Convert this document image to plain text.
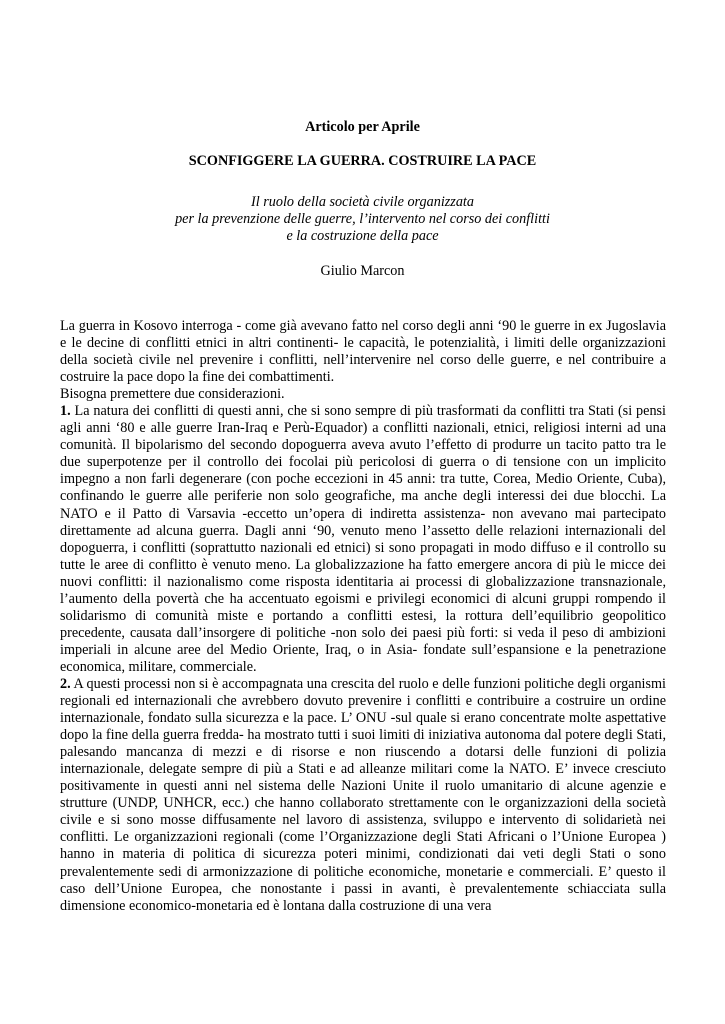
Articolo per Aprile
SCONFIGGERE LA GUERRA. COSTRUIRE LA PACE
Il ruolo della società civile organizzata
per la prevenzione delle guerre, l’intervento nel corso dei conflitti
e la costruzione della pace
Giulio Marcon

La guerra in Kosovo interroga - come già avevano fatto nel corso degli anni ‘90 le guerre in ex Jugoslavia e le decine di conflitti etnici in altri continenti- le capacità, le potenzialità, i limiti delle organizzazioni della società civile nel prevenire i conflitti, nell’intervenire nel corso delle guerre, e nel contribuire a costruire la pace dopo la fine dei combattimenti.

Bisogna premettere due considerazioni.

1. La natura dei conflitti di questi anni, che si sono sempre di più trasformati da conflitti tra Stati (si pensi agli anni ‘80 e alle guerre Iran-Iraq e Perù-Equador) a conflitti nazionali, etnici, religiosi interni ad una comunità. Il bipolarismo del secondo dopoguerra aveva avuto l’effetto di produrre un tacito patto tra le due superpotenze per il controllo dei focolai più pericolosi di guerra o di tensione con un implicito impegno a non farli degenerare (con poche eccezioni in 45 anni: tra tutte, Corea, Medio Oriente, Cuba), confinando le guerre alle periferie non solo geografiche, ma anche degli interessi dei due blocchi. La NATO e il Patto di Varsavia -eccetto un’opera di indiretta assistenza- non avevano mai partecipato direttamente ad alcuna guerra. Dagli anni ‘90, venuto meno l’assetto delle relazioni internazionali del dopoguerra, i conflitti (soprattutto nazionali ed etnici) si sono propagati in modo diffuso e il controllo su tutte le aree di conflitto è venuto meno. La globalizzazione ha fatto emergere ancora di più le micce dei nuovi conflitti: il nazionalismo come risposta identitaria ai processi di globalizzazione transnazionale, l’aumento della povertà che ha accentuato egoismi e privilegi economici di alcuni gruppi rompendo il solidarismo di comunità miste e portando a conflitti estesi, la rottura dell’equilibrio geopolitico precedente, causata dall’insorgere di politiche -non solo dei paesi più forti: si veda il peso di ambizioni imperiali in alcune aree del Medio Oriente, Iraq, o in Asia- fondate sull’espansione e la penetrazione economica, militare, commerciale.

2. A questi processi non si è accompagnata una crescita del ruolo e delle funzioni politiche degli organismi regionali ed internazionali che avrebbero dovuto prevenire i conflitti e contribuire a costruire un ordine internazionale, fondato sulla sicurezza e la pace. L’ ONU -sul quale si erano concentrate molte aspettative dopo la fine della guerra fredda- ha mostrato tutti i suoi limiti di iniziativa autonoma dal potere degli Stati, palesando mancanza di mezzi e di risorse e non riuscendo a dotarsi delle funzioni di polizia internazionale, delegate sempre di più a Stati e ad alleanze militari come la NATO. E’ invece cresciuto positivamente in questi anni nel sistema delle Nazioni Unite il ruolo umanitario di alcune agenzie e strutture (UNDP, UNHCR, ecc.) che hanno collaborato strettamente con le organizzazioni della società civile e si sono mosse diffusamente nel lavoro di assistenza, sviluppo e intervento di solidarietà nei conflitti. Le organizzazioni regionali (come l’Organizzazione degli Stati Africani o l’Unione Europea ) hanno in materia di politica di sicurezza poteri minimi, condizionati dai veti degli Stati o sono prevalentemente sedi di armonizzazione di politiche economiche, monetarie e commerciali. E’ questo il caso dell’Unione Europea, che nonostante i passi in avanti, è prevalentemente schiacciata sulla dimensione economico-monetaria ed è lontana dalla costruzione di una vera
